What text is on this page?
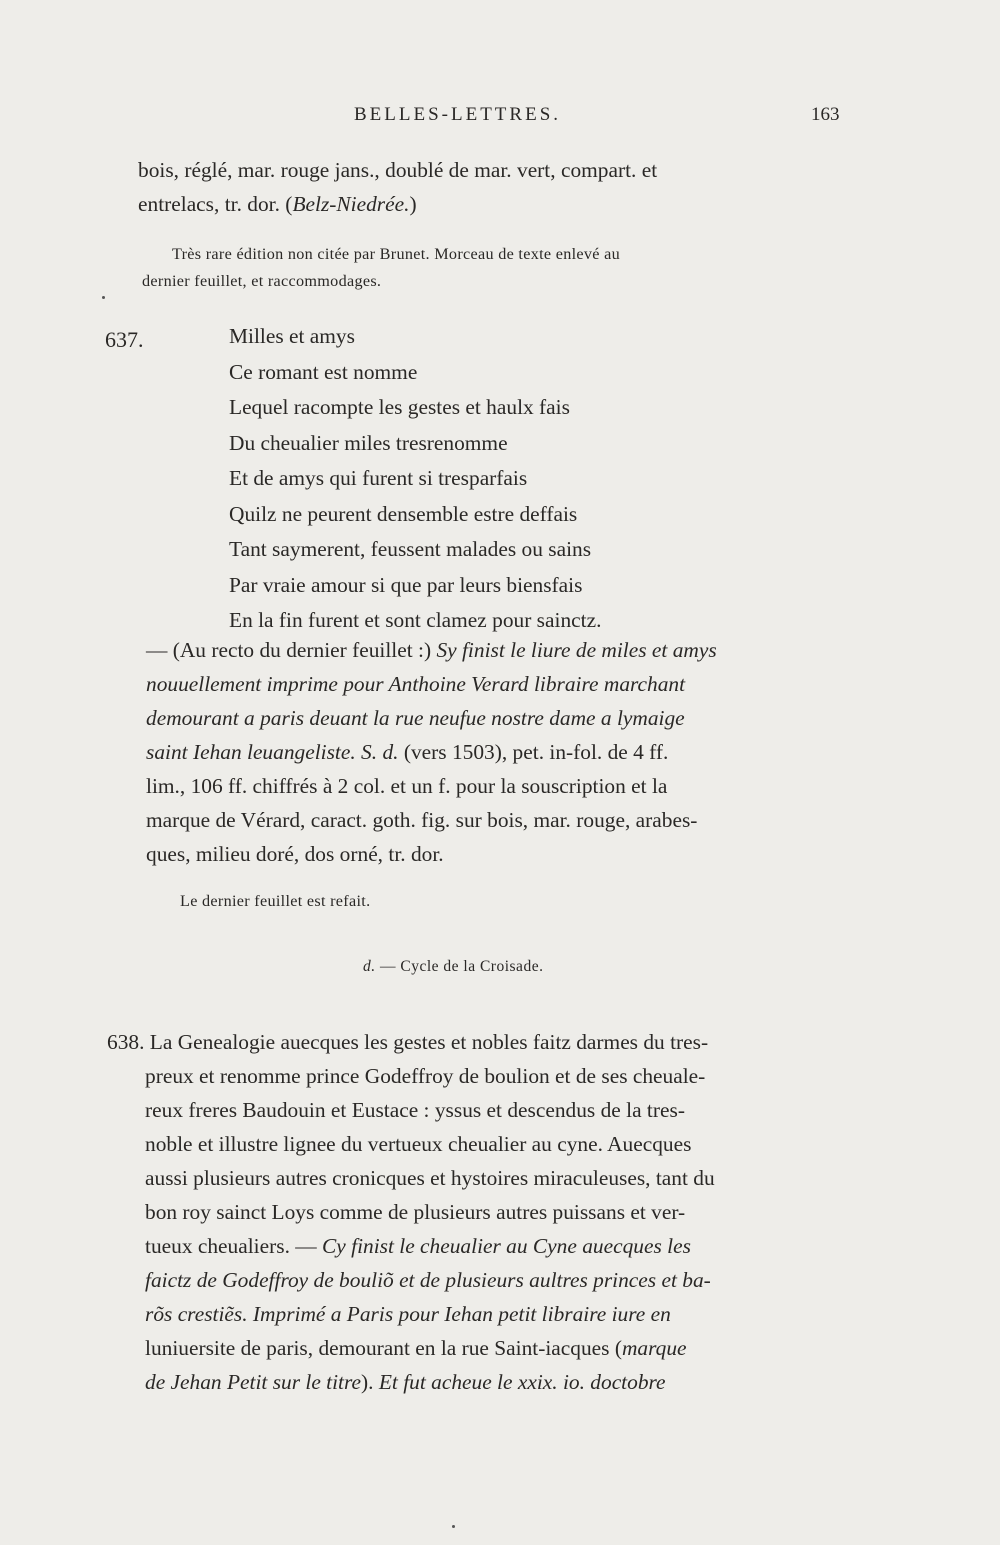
BELLES-LETTRES.	163
bois, réglé, mar. rouge jans., doublé de mar. vert, compart. et
entrelacs, tr. dor. (Belz-Niedrée.)
Très rare édition non citée par Brunet. Morceau de texte enlevé au
dernier feuillet, et raccommodages.
637.	Milles et amys
Ce romant est nomme
Lequel racompte les gestes et haulx fais
Du cheualier miles tresrenomme
Et de amys qui furent si tresparfais
Quilz ne peurent densemble estre deffais
Tant saymerent, feussent malades ou sains
Par vraie amour si que par leurs biensfais
En la fin furent et sont clamez pour sainctz.
— (Au recto du dernier feuillet :) Sy finist le liure de miles et amys
nouuellement imprime pour Anthoine Verard libraire marchant
demourant a paris deuant la rue neufue nostre dame a lymaige
saint Iehan leuangeliste. S. d. (vers 1503), pet. in-fol. de 4 ff.
lim., 106 ff. chiffrés à 2 col. et un f. pour la souscription et la
marque de Vérard, caract. goth. fig. sur bois, mar. rouge, arabes-
ques, milieu doré, dos orné, tr. dor.
Le dernier feuillet est refait.
d. — Cycle de la Croisade.
638. La Genealogie auecques les gestes et nobles faitz darmes du tres-
preux et renomme prince Godeffroy de boulion et de ses cheuale-
reux freres Baudouin et Eustace : yssus et descendus de la tres-
noble et illustre lignee du vertueux cheualier au cyne. Auecques
aussi plusieurs autres cronicques et hystoires miraculeuses, tant du
bon roy sainct Loys comme de plusieurs autres puissans et ver-
tueux cheualiers. — Cy finist le cheualier au Cyne auecques les
faictz de Godeffroy de bouliõ et de plusieurs aultres princes et ba-
rõs crestiẽs. Imprimé a Paris pour Iehan petit libraire iure en
luniuersite de paris, demourant en la rue Saint-iacques (marque
de Jehan Petit sur le titre). Et fut acheue le xxix. io. doctobre
